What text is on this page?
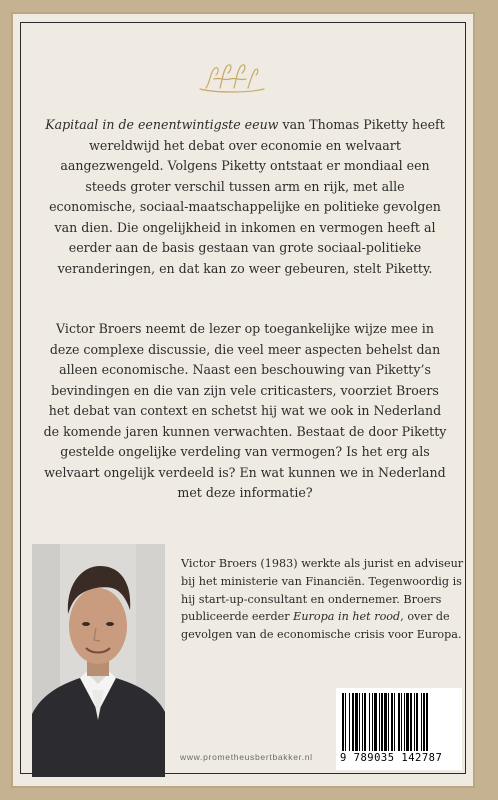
Kapitaal in de eenentwintigste eeuw van Thomas Piketty heeft wereldwijd het debat over economie en welvaart aangezwengeld. Volgens Piketty ontstaat er mondiaal een steeds groter verschil tussen arm en rijk, met alle economische, sociaal-maatschappelijke en politieke gevolgen van dien. Die ongelijkheid in inkomen en vermogen heeft al eerder aan de basis gestaan van grote sociaal-politieke veranderingen, en dat kan zo weer gebeuren, stelt Piketty.

Victor Broers neemt de lezer op toegankelijke wijze mee in deze complexe discussie, die veel meer aspecten behelst dan alleen economische. Naast een beschouwing van Piketty’s bevindingen en die van zijn vele criticasters, voorziet Broers het debat van context en schetst hij wat we ook in Nederland de komende jaren kunnen verwachten. Bestaat de door Piketty gestelde ongelijke verdeling van vermogen? Is het erg als welvaart ongelijk verdeeld is? En wat kunnen we in Nederland met deze informatie?

Victor Broers (1983) werkte als jurist en adviseur bij het ministerie van Financiën. Tegenwoordig is hij start-up-consultant en ondernemer. Broers publiceerde eerder Europa in het rood, over de gevolgen van de economische crisis voor Europa.

www.prometheusbertbakker.nl	9 789035 142787
